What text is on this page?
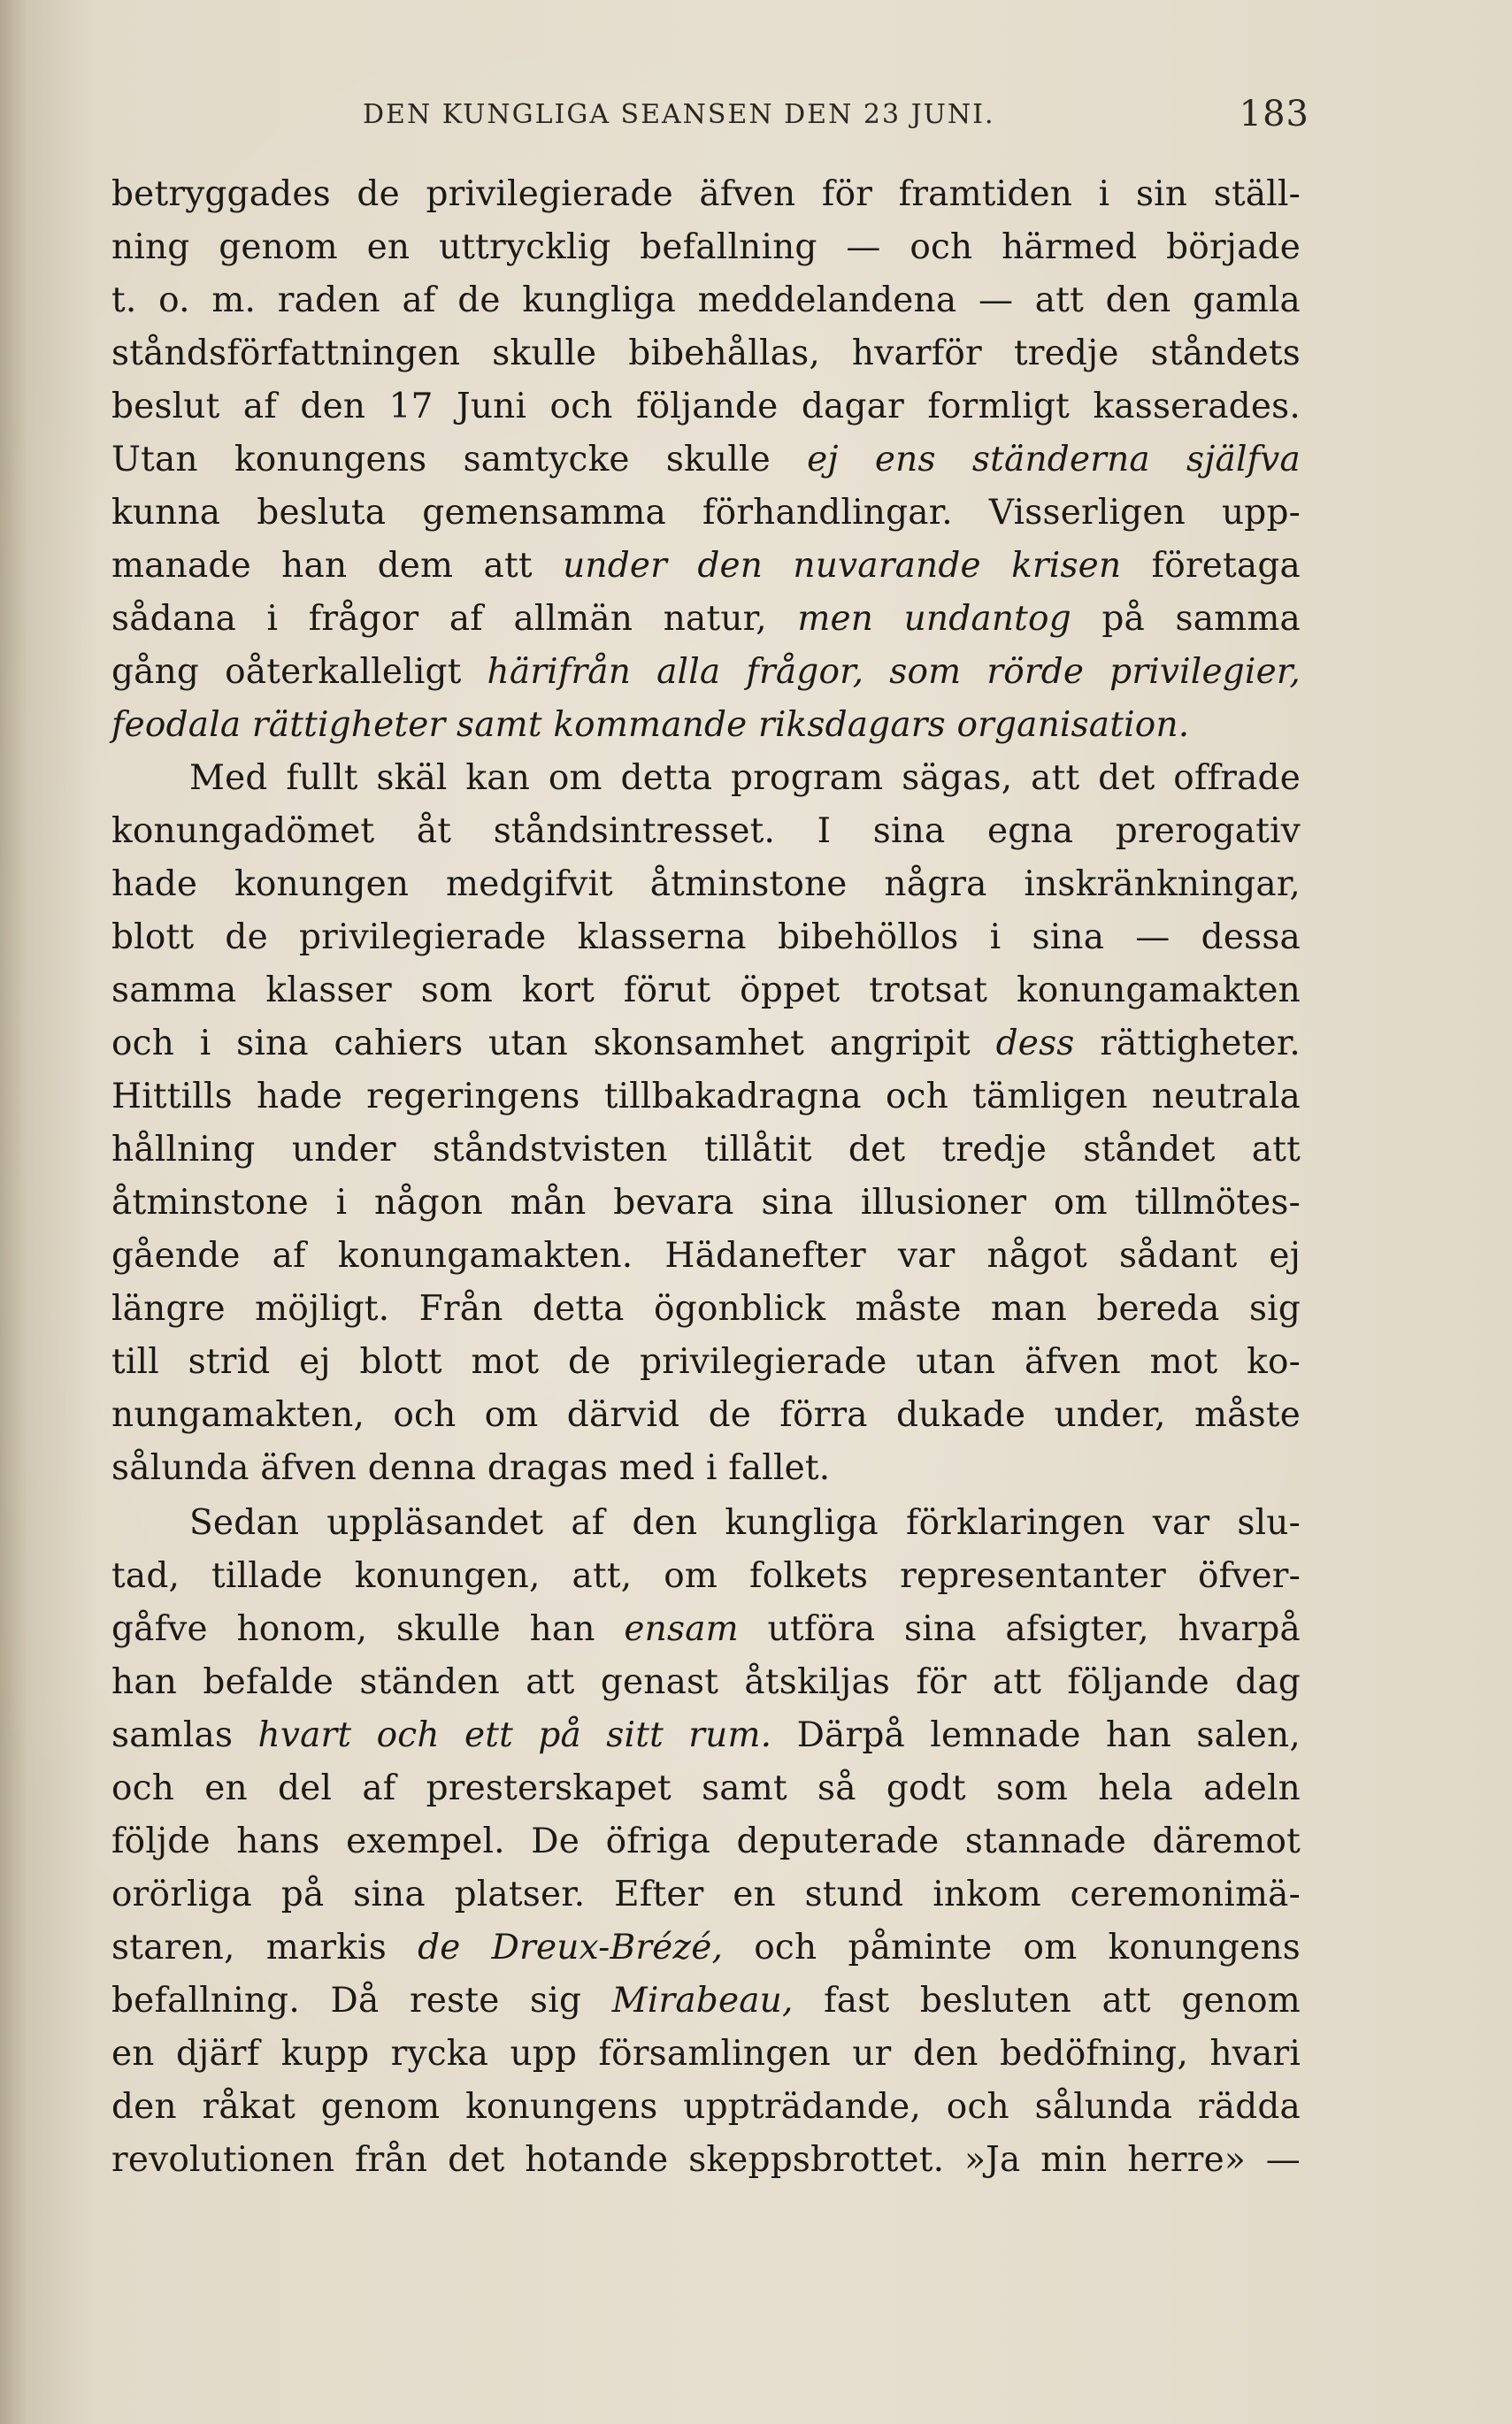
DEN KUNGLIGA SEANSEN DEN 23 JUNI.	183
betryggades de privilegierade äfven för framtiden i sin ställ-
ning genom en uttrycklig befallning — och härmed började
t. o. m. raden af de kungliga meddelandena — att den gamla
ståndsförfattningen skulle bibehållas, hvarför tredje ståndets
beslut af den 17 Juni och följande dagar formligt kasserades.
Utan konungens samtycke skulle ej ens ständerna själfva
kunna besluta gemensamma förhandlingar. Visserligen upp-
manade han dem att under den nuvarande krisen företaga
sådana i frågor af allmän natur, men undantog på samma
gång oåterkalleligt härifrån alla frågor, som rörde privilegier,
feodala rättigheter samt kommande riksdagars organisation.
Med fullt skäl kan om detta program sägas, att det offrade
konungadömet åt ståndsintresset. I sina egna prerogativ
hade konungen medgifvit åtminstone några inskränkningar,
blott de privilegierade klasserna bibehöllos i sina — dessa
samma klasser som kort förut öppet trotsat konungamakten
och i sina cahiers utan skonsamhet angripit dess rättigheter.
Hittills hade regeringens tillbakadragna och tämligen neutrala
hållning under ståndstvisten tillåtit det tredje ståndet att
åtminstone i någon mån bevara sina illusioner om tillmötes-
gående af konungamakten. Hädanefter var något sådant ej
längre möjligt. Från detta ögonblick måste man bereda sig
till strid ej blott mot de privilegierade utan äfven mot ko-
nungamakten, och om därvid de förra dukade under, måste
sålunda äfven denna dragas med i fallet.
Sedan uppläsandet af den kungliga förklaringen var slu-
tad, tillade konungen, att, om folkets representanter öfver-
gåfve honom, skulle han ensam utföra sina afsigter, hvarpå
han befalde ständen att genast åtskiljas för att följande dag
samlas hvart och ett på sitt rum. Därpå lemnade han salen,
och en del af presterskapet samt så godt som hela adeln
följde hans exempel. De öfriga deputerade stannade däremot
orörliga på sina platser. Efter en stund inkom ceremonimä-
staren, markis de Dreux-Brézé, och påminte om konungens
befallning. Då reste sig Mirabeau, fast besluten att genom
en djärf kupp rycka upp församlingen ur den bedöfning, hvari
den råkat genom konungens uppträdande, och sålunda rädda
revolutionen från det hotande skeppsbrottet. »Ja min herre» —
